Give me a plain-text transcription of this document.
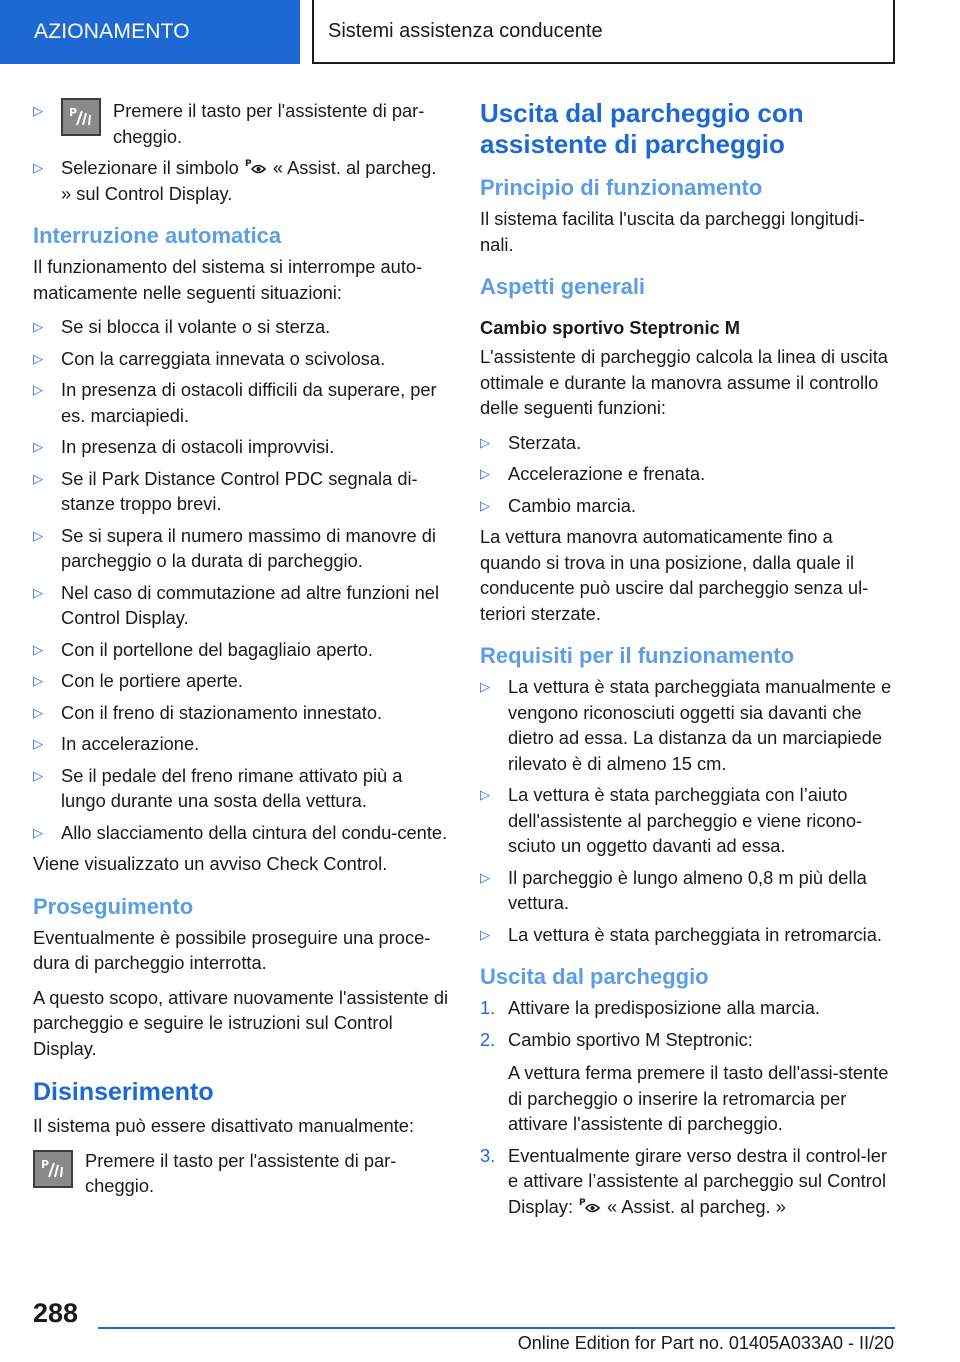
AZIONAMENTO	Sistemi assistenza conducente
▷ P Premere il tasto per l'assistente di par-cheggio.
▷ Selezionare il simbolo P « Assist. al parcheg. » sul Control Display.
Interruzione automatica

Il funzionamento del sistema si interrompe auto-maticamente nelle seguenti situazioni:

▷ Se si blocca il volante o si sterza.
▷ Con la carreggiata innevata o scivolosa.
▷ In presenza di ostacoli difficili da superare, per es. marciapiedi.
▷ In presenza di ostacoli improvvisi.
▷ Se il Park Distance Control PDC segnala di-stanze troppo brevi.
▷ Se si supera il numero massimo di manovre di parcheggio o la durata di parcheggio.
▷ Nel caso di commutazione ad altre funzioni nel Control Display.
▷ Con il portellone del bagagliaio aperto.
▷ Con le portiere aperte.
▷ Con il freno di stazionamento innestato.
▷ In accelerazione.
▷ Se il pedale del freno rimane attivato più a lungo durante una sosta della vettura.
▷ Allo slacciamento della cintura del condu-cente.

Viene visualizzato un avviso Check Control.

Proseguimento

Eventualmente è possibile proseguire una proce-dura di parcheggio interrotta.

A questo scopo, attivare nuovamente l'assistente di parcheggio e seguire le istruzioni sul Control Display.

Disinserimento

Il sistema può essere disattivato manualmente:

P Premere il tasto per l'assistente di par-cheggio.

Uscita dal parcheggio con assistente di parcheggio
Principio di funzionamento

Il sistema facilita l'uscita da parcheggi longitudi-nali.

Aspetti generali
Cambio sportivo Steptronic M

L'assistente di parcheggio calcola la linea di uscita ottimale e durante la manovra assume il controllo delle seguenti funzioni:

▷ Sterzata.
▷ Accelerazione e frenata.
▷ Cambio marcia.

La vettura manovra automaticamente fino a quando si trova in una posizione, dalla quale il conducente può uscire dal parcheggio senza ul-teriori sterzate.

Requisiti per il funzionamento
▷ La vettura è stata parcheggiata manualmente e vengono riconosciuti oggetti sia davanti che dietro ad essa. La distanza da un marciapiede rilevato è di almeno 15 cm.
▷ La vettura è stata parcheggiata con l’aiuto dell'assistente al parcheggio e viene ricono-sciuto un oggetto davanti ad essa.
▷ Il parcheggio è lungo almeno 0,8 m più della vettura.
▷ La vettura è stata parcheggiata in retromarcia.
Uscita dal parcheggio
1. Attivare la predisposizione alla marcia.
2. Cambio sportivo M Steptronic:
A vettura ferma premere il tasto dell'assi-stente di parcheggio o inserire la retromarcia per attivare l'assistente di parcheggio.
3. Eventualmente girare verso destra il control-ler e attivare l’assistente al parcheggio sul Control Display: P « Assist. al parcheg. »
288
Online Edition for Part no. 01405A033A0 - II/20
